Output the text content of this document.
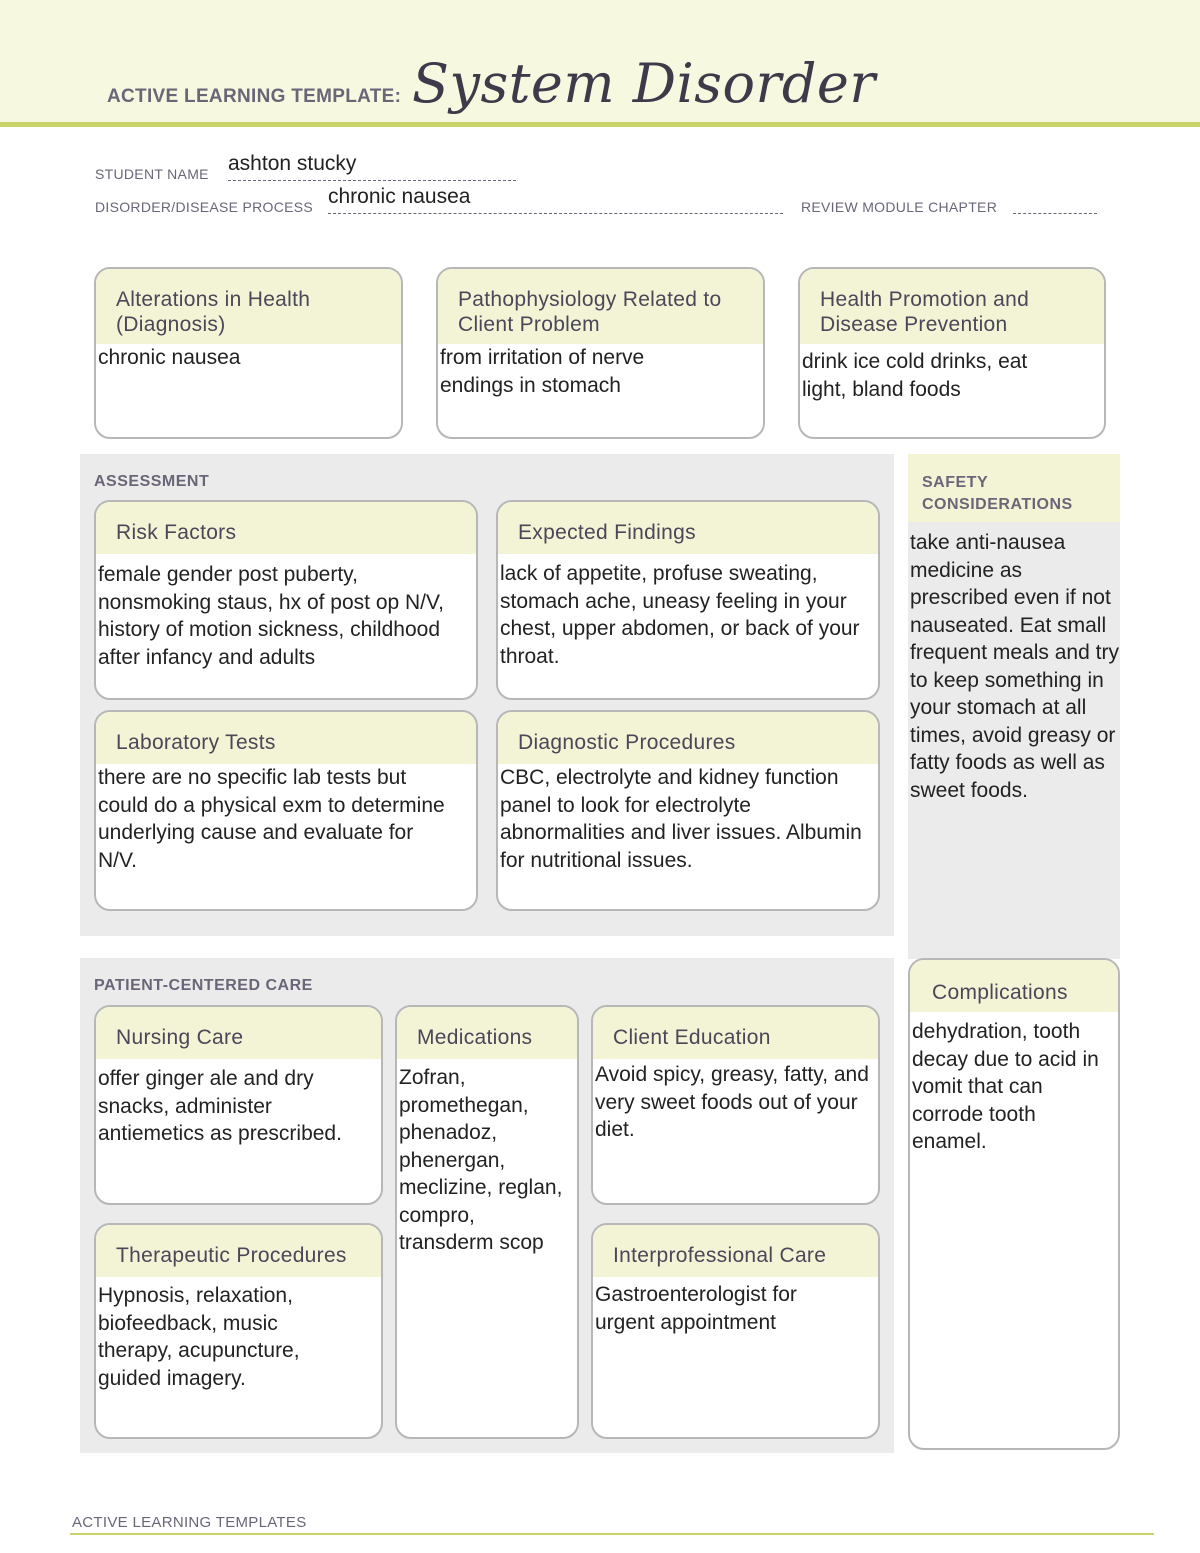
ACTIVE LEARNING TEMPLATE: System Disorder
STUDENT NAME ashton stucky
DISORDER/DISEASE PROCESS chronic nausea	REVIEW MODULE CHAPTER
Alterations in Health (Diagnosis)
chronic nausea
Pathophysiology Related to Client Problem
from irritation of nerve endings in stomach
Health Promotion and Disease Prevention
drink ice cold drinks, eat light, bland foods
ASSESSMENT
Risk Factors
female gender post puberty, nonsmoking staus, hx of post op N/V, history of motion sickness, childhood after infancy and adults
Expected Findings
lack of appetite, profuse sweating, stomach ache, uneasy feeling in your chest, upper abdomen, or back of your throat.
Laboratory Tests
there are no specific lab tests but could do a physical exm to determine underlying cause and evaluate for N/V.
Diagnostic Procedures
CBC, electrolyte and kidney function panel to look for electrolyte abnormalities and liver issues. Albumin for nutritional issues.
SAFETY CONSIDERATIONS
take anti-nausea medicine as prescribed even if not nauseated. Eat small frequent meals and try to keep something in your stomach at all times, avoid greasy or fatty foods as well as sweet foods.
PATIENT-CENTERED CARE
Nursing Care
offer ginger ale and dry snacks, administer antiemetics as prescribed.
Medications
Zofran, promethegan, phenadoz, phenergan, meclizine, reglan, compro, transderm scop
Client Education
Avoid spicy, greasy, fatty, and very sweet foods out of your diet.
Therapeutic Procedures
Hypnosis, relaxation, biofeedback, music therapy, acupuncture, guided imagery.
Interprofessional Care
Gastroenterologist for urgent appointment
Complications
dehydration, tooth decay due to acid in vomit that can corrode tooth enamel.
ACTIVE LEARNING TEMPLATES
